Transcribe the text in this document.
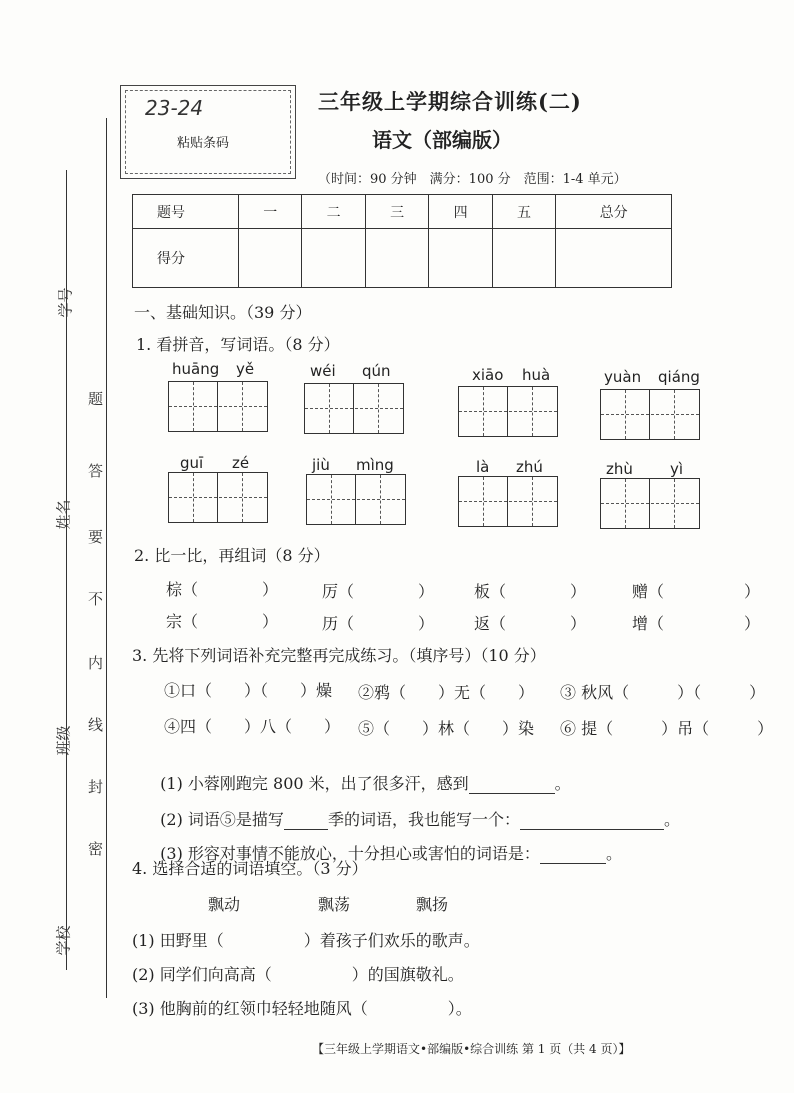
学号
姓名
班级
学校
题
答
要
不
内
线
封
密
23-24
粘贴条码
三年级上学期综合训练(二)
语文（部编版）
（时间：90 分钟　满分：100 分　范围：1-4 单元）
题号	一	二	三	四	五	总分
得分						
一、基础知识。（39 分）
1. 看拼音，写词语。（8 分）
huāng yě	wéi qún	xiāo huà	yuàn qiáng
guī zé	jiù mìng	là zhú	zhù yì
2. 比一比，再组词（8 分）
棕（　　　　）	厉（　　　　） 板（　　　　）	赠（　　　　　）
宗（　　　　）	历（　　　　） 返（　　　　）	增（　　　　　）
3. 先将下列词语补充完整再完成练习。（填序号）（10 分）
①口（　　）（　　）燥 ②鸦（　　）无（　　） ③ 秋风（　　　）（　　　）
④四（　　）八（　　） ⑤（　　）林（　　）染 ⑥ 提（　　　）吊（　　　）

(1) 小蓉刚跑完 800 米，出了很多汗，感到	。

(2) 词语⑤是描写	季的词语，我也能写一个：	。

(3) 形容对事情不能放心，十分担心或害怕的词语是：	。

4. 选择合适的词语填空。（3 分）
飘动	飘荡	飘扬
(1) 田野里（　　　　　）着孩子们欢乐的歌声。
(2) 同学们向高高（　　　　　）的国旗敬礼。
(3) 他胸前的红领巾轻轻地随风（　　　　　）。
【三年级上学期语文•部编版•综合训练 第 1 页（共 4 页）】
